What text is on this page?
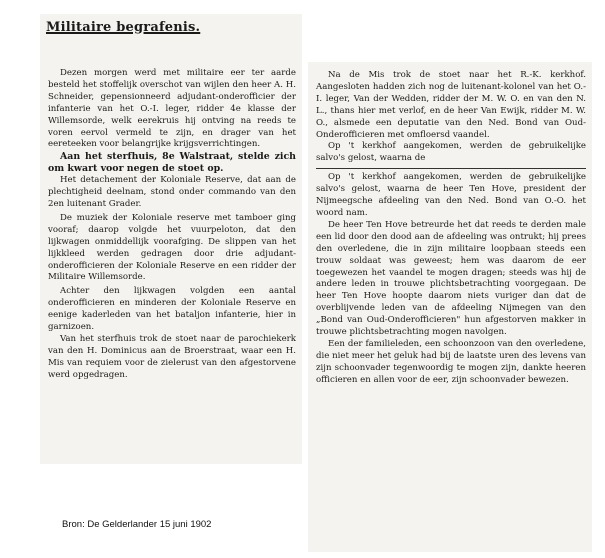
Militaire begrafenis.

Dezen morgen werd met militaire eer ter aarde besteld het stoffelijk overschot van wijlen den heer A. H. Schneider, gepensionneerd adjudant-onderofficier der infanterie van het O.-I. leger, ridder 4e klasse der Willemsorde, welk eerekruis hij ontving na reeds te voren eervol vermeld te zijn, en drager van het eereteeken voor belangrijke krijgsverrichtingen.

Aan het sterfhuis, 8e Walstraat, stelde zich om kwart voor negen de stoet op.

Het detachement der Koloniale Reserve, dat aan de plechtigheid deelnam, stond onder commando van den 2en luitenant Grader.

De muziek der Koloniale reserve met tamboer ging vooraf; daarop volgde het vuurpeloton, dat den lijkwagen onmiddellijk voorafging. De slippen van het lijkkleed werden gedragen door drie adjudant-onderofficieren der Koloniale Reserve en een ridder der Militaire Willemsorde.

Achter den lijkwagen volgden een aantal onderofficieren en minderen der Koloniale Reserve en eenige kaderleden van het bataljon infanterie, hier in garnizoen.

Van het sterfhuis trok de stoet naar de parochiekerk van den H. Dominicus aan de Broerstraat, waar een H. Mis van requiem voor de zielerust van den afgestorvene werd opgedragen.

Na de Mis trok de stoet naar het R.-K. kerkhof. Aangesloten hadden zich nog de luitenant-kolonel van het O.-I. leger, Van der Wedden, ridder der M. W. O. en van den N. L., thans hier met verlof, en de heer Van Ewijk, ridder M. W. O., alsmede een deputatie van den Ned. Bond van Oud-Onderofficieren met omfloersd vaandel.

Op 't kerkhof aangekomen, werden de gebruikelijke salvo's gelost, waarna de

Op 't kerkhof aangekomen, werden de gebruikelijke salvo's gelost, waarna de heer Ten Hove, president der Nijmeegsche afdeeling van den Ned. Bond van O.-O. het woord nam.

De heer Ten Hove betreurde het dat reeds te derden male een lid door den dood aan de afdeeling was ontrukt; hij prees den overledene, die in zijn militaire loopbaan steeds een trouw soldaat was geweest; hem was daarom de eer toegewezen het vaandel te mogen dragen; steeds was hij de andere leden in trouwe plichtsbetrachting voorgegaan. De heer Ten Hove hoopte daarom niets vuriger dan dat de overblijvende leden van de afdeeling Nijmegen van den „Bond van Oud-Onderofficieren" hun afgestorven makker in trouwe plichtsbetrachting mogen navolgen.

Een der familieleden, een schoonzoon van den overledene, die niet meer het geluk had bij de laatste uren des levens van zijn schoonvader tegenwoordig te mogen zijn, dankte heeren officieren en allen voor de eer, zijn schoonvader bewezen.

Bron: De Gelderlander 15 juni 1902
